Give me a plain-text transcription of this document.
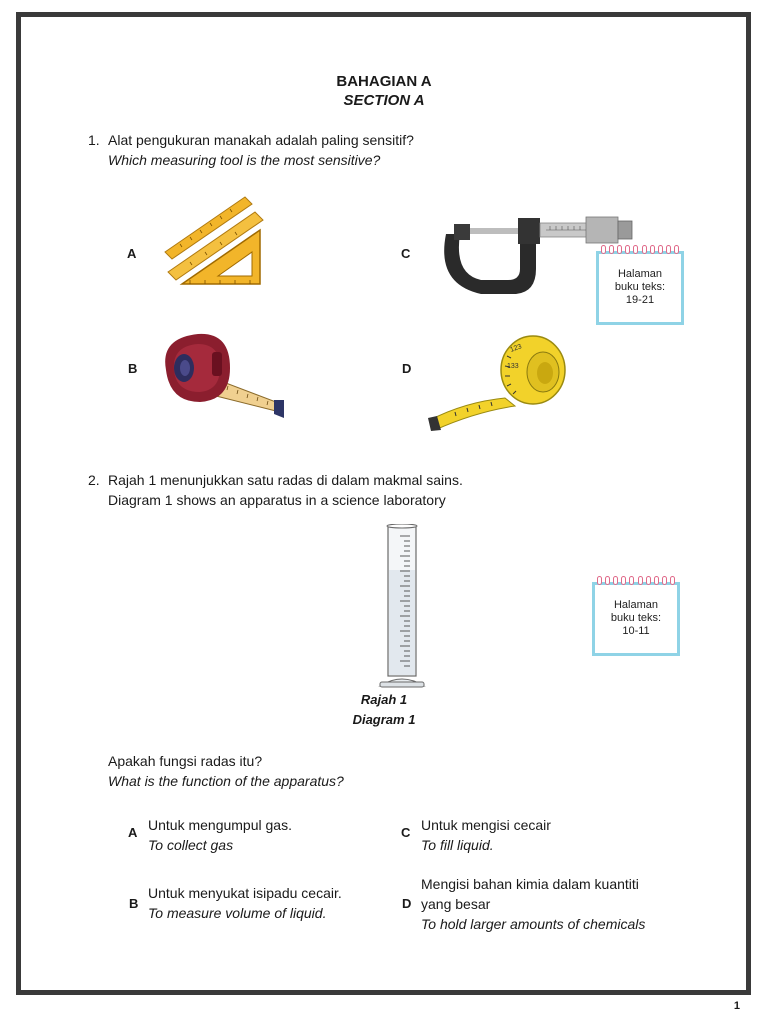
BAHAGIAN A
SECTION A
1. Alat pengukuran manakah adalah paling sensitif?
Which measuring tool is the most sensitive?
A	C
Halaman
buku teks:
19-21
B	D
123
133
2. Rajah 1 menunjukkan satu radas di dalam makmal sains.
Diagram 1 shows an apparatus in a science laboratory
Halaman
buku teks:
10-11
Rajah 1
Diagram 1
Apakah fungsi radas itu?
What is the function of the apparatus?
A Untuk mengumpul gas.
To collect gas
C Untuk mengisi cecair
To fill liquid.
B
Untuk menyukat isipadu cecair.
To measure volume of liquid.
D
Mengisi bahan kimia dalam kuantiti
yang besar
To hold larger amounts of chemicals
1
